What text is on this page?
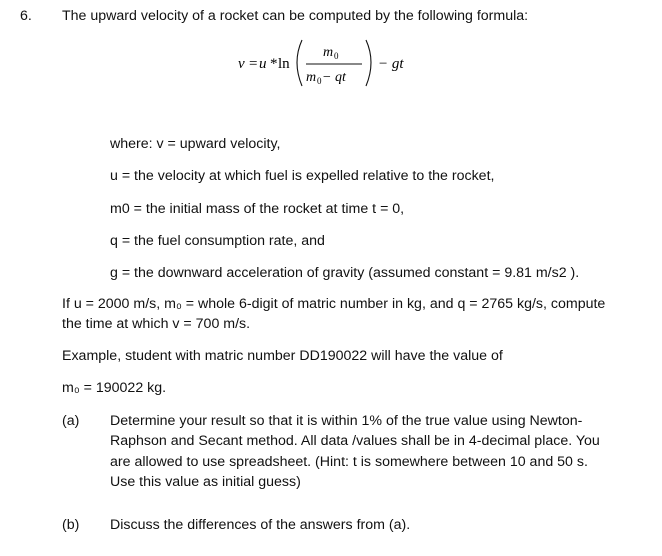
6. The upward velocity of a rocket can be computed by the following formula:
v = u * ln
m 0
m 0 − qt
− gt
where: v = upward velocity,
u = the velocity at which fuel is expelled relative to the rocket,
m0 = the initial mass of the rocket at time t = 0,
q = the fuel consumption rate, and
g = the downward acceleration of gravity (assumed constant = 9.81 m/s2 ).
If u = 2000 m/s, m₀ = whole 6-digit of matric number in kg, and q = 2765 kg/s, compute
the time at which v = 700 m/s.
Example, student with matric number DD190022 will have the value of
m₀ = 190022 kg.
(a) Determine your result so that it is within 1% of the true value using Newton-
Raphson and Secant method. All data /values shall be in 4-decimal place. You
are allowed to use spreadsheet. (Hint: t is somewhere between 10 and 50 s.
Use this value as initial guess)
(b) Discuss the differences of the answers from (a).
